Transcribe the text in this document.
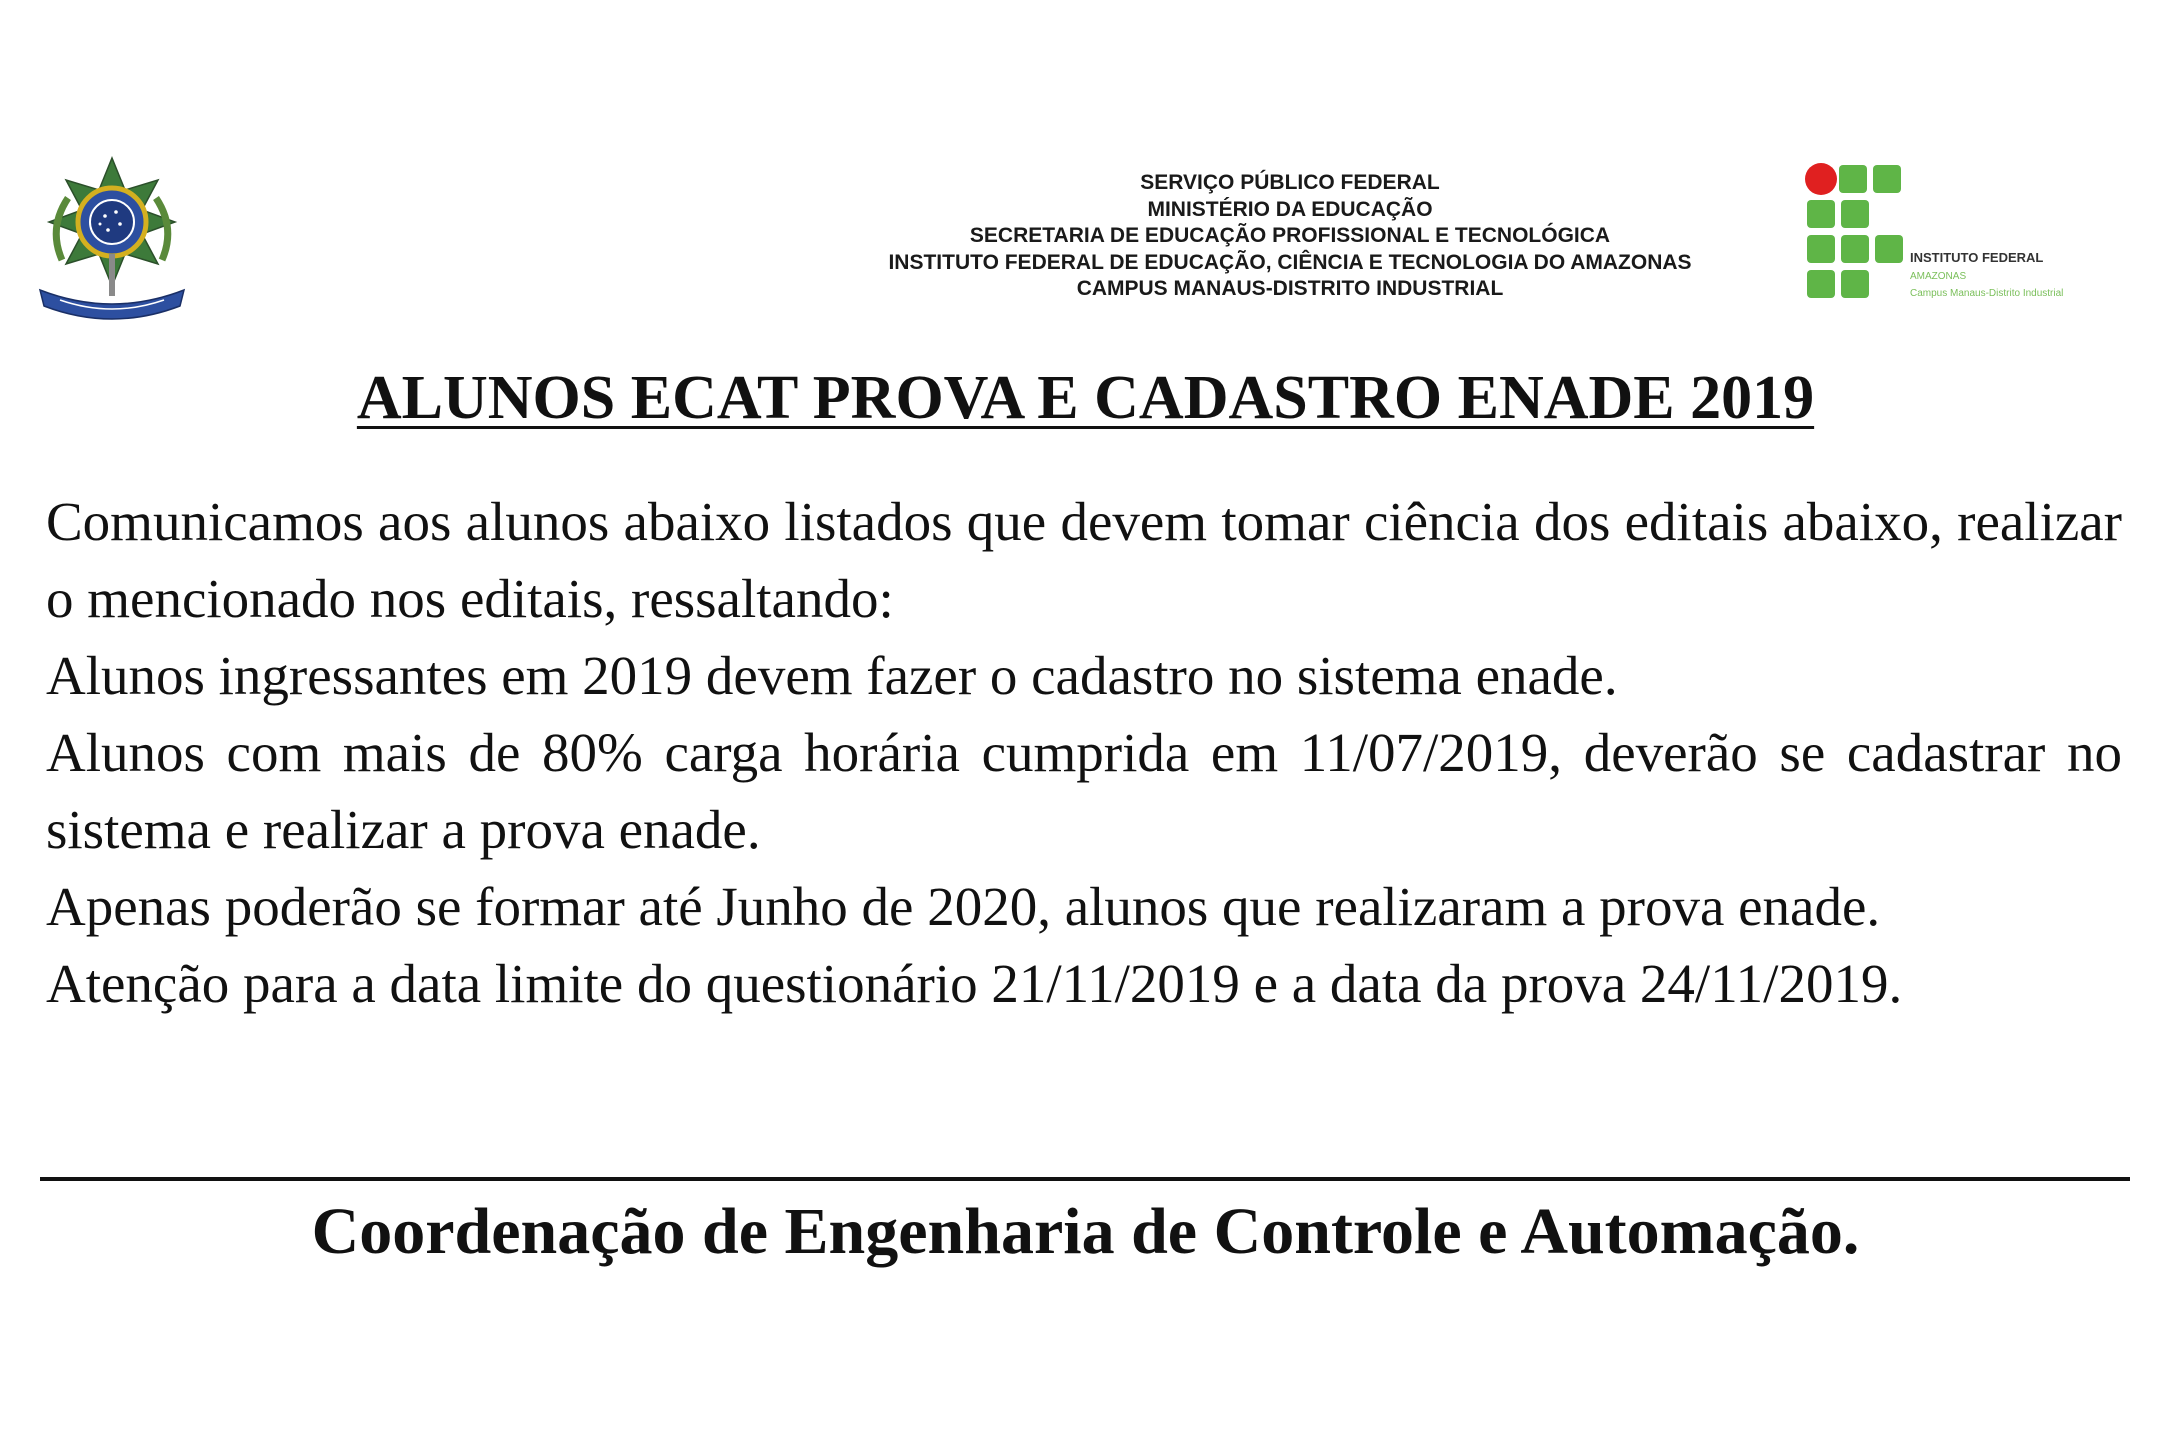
SERVIÇO PÚBLICO FEDERAL
MINISTÉRIO DA EDUCAÇÃO
SECRETARIA DE EDUCAÇÃO PROFISSIONAL E TECNOLÓGICA
INSTITUTO FEDERAL DE EDUCAÇÃO, CIÊNCIA E TECNOLOGIA DO AMAZONAS
CAMPUS MANAUS-DISTRITO INDUSTRIAL
INSTITUTO FEDERAL
AMAZONAS
Campus Manaus-Distrito Industrial
ALUNOS ECAT PROVA E CADASTRO ENADE 2019

Comunicamos aos alunos abaixo listados que devem tomar ciência dos editais abaixo, realizar o mencionado nos editais, ressaltando:

Alunos ingressantes em 2019 devem fazer o cadastro no sistema enade.

Alunos com mais de 80% carga horária cumprida em 11/07/2019, deverão se cadastrar no sistema e realizar a prova enade.

Apenas poderão se formar até Junho de 2020, alunos que realizaram a prova enade.

Atenção para a data limite do questionário 21/11/2019 e a data da prova 24/11/2019.

Coordenação de Engenharia de Controle e Automação.
